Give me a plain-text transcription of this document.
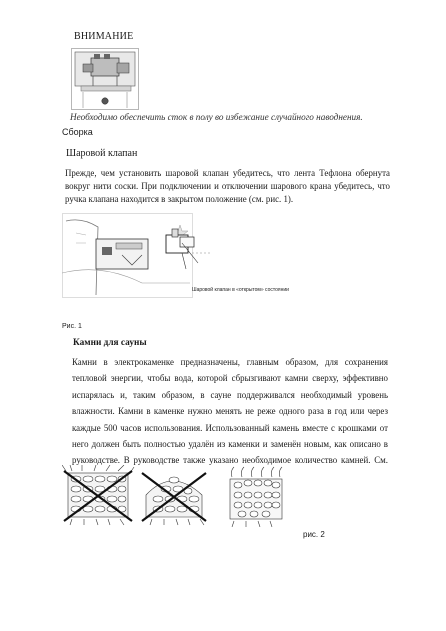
ВНИМАНИЕ
Необходимо обеспечить сток в полу во избежание случайного наводнения.
Сборка
Шаровой клапан
Прежде, чем установить шаровой клапан убедитесь, что лента Тефлона обернута вокруг нити соски. При подключении и отключении шарового крана убедитесь, что ручка клапана находится в закрытом положение (см. рис. 1).
Шаровой клапан в «открытом» состоянии
Рис. 1
Камни для сауны
Камни в электрокаменке предназначены, главным образом, для сохранения тепловой энергии, чтобы вода, которой сбрызгивают камни сверху, эффективно испарялась и, таким образом, в сауне поддерживался необходимый уровень влажности. Камни в каменке нужно менять не реже одного раза в год или через каждые 500 часов использования. Использованный камень вместе с крошками от него должен быть полностью удалён из каменки и заменён новым, как описано в руководстве. В руководстве также указано необходимое количество камней. См.
рис. 2
